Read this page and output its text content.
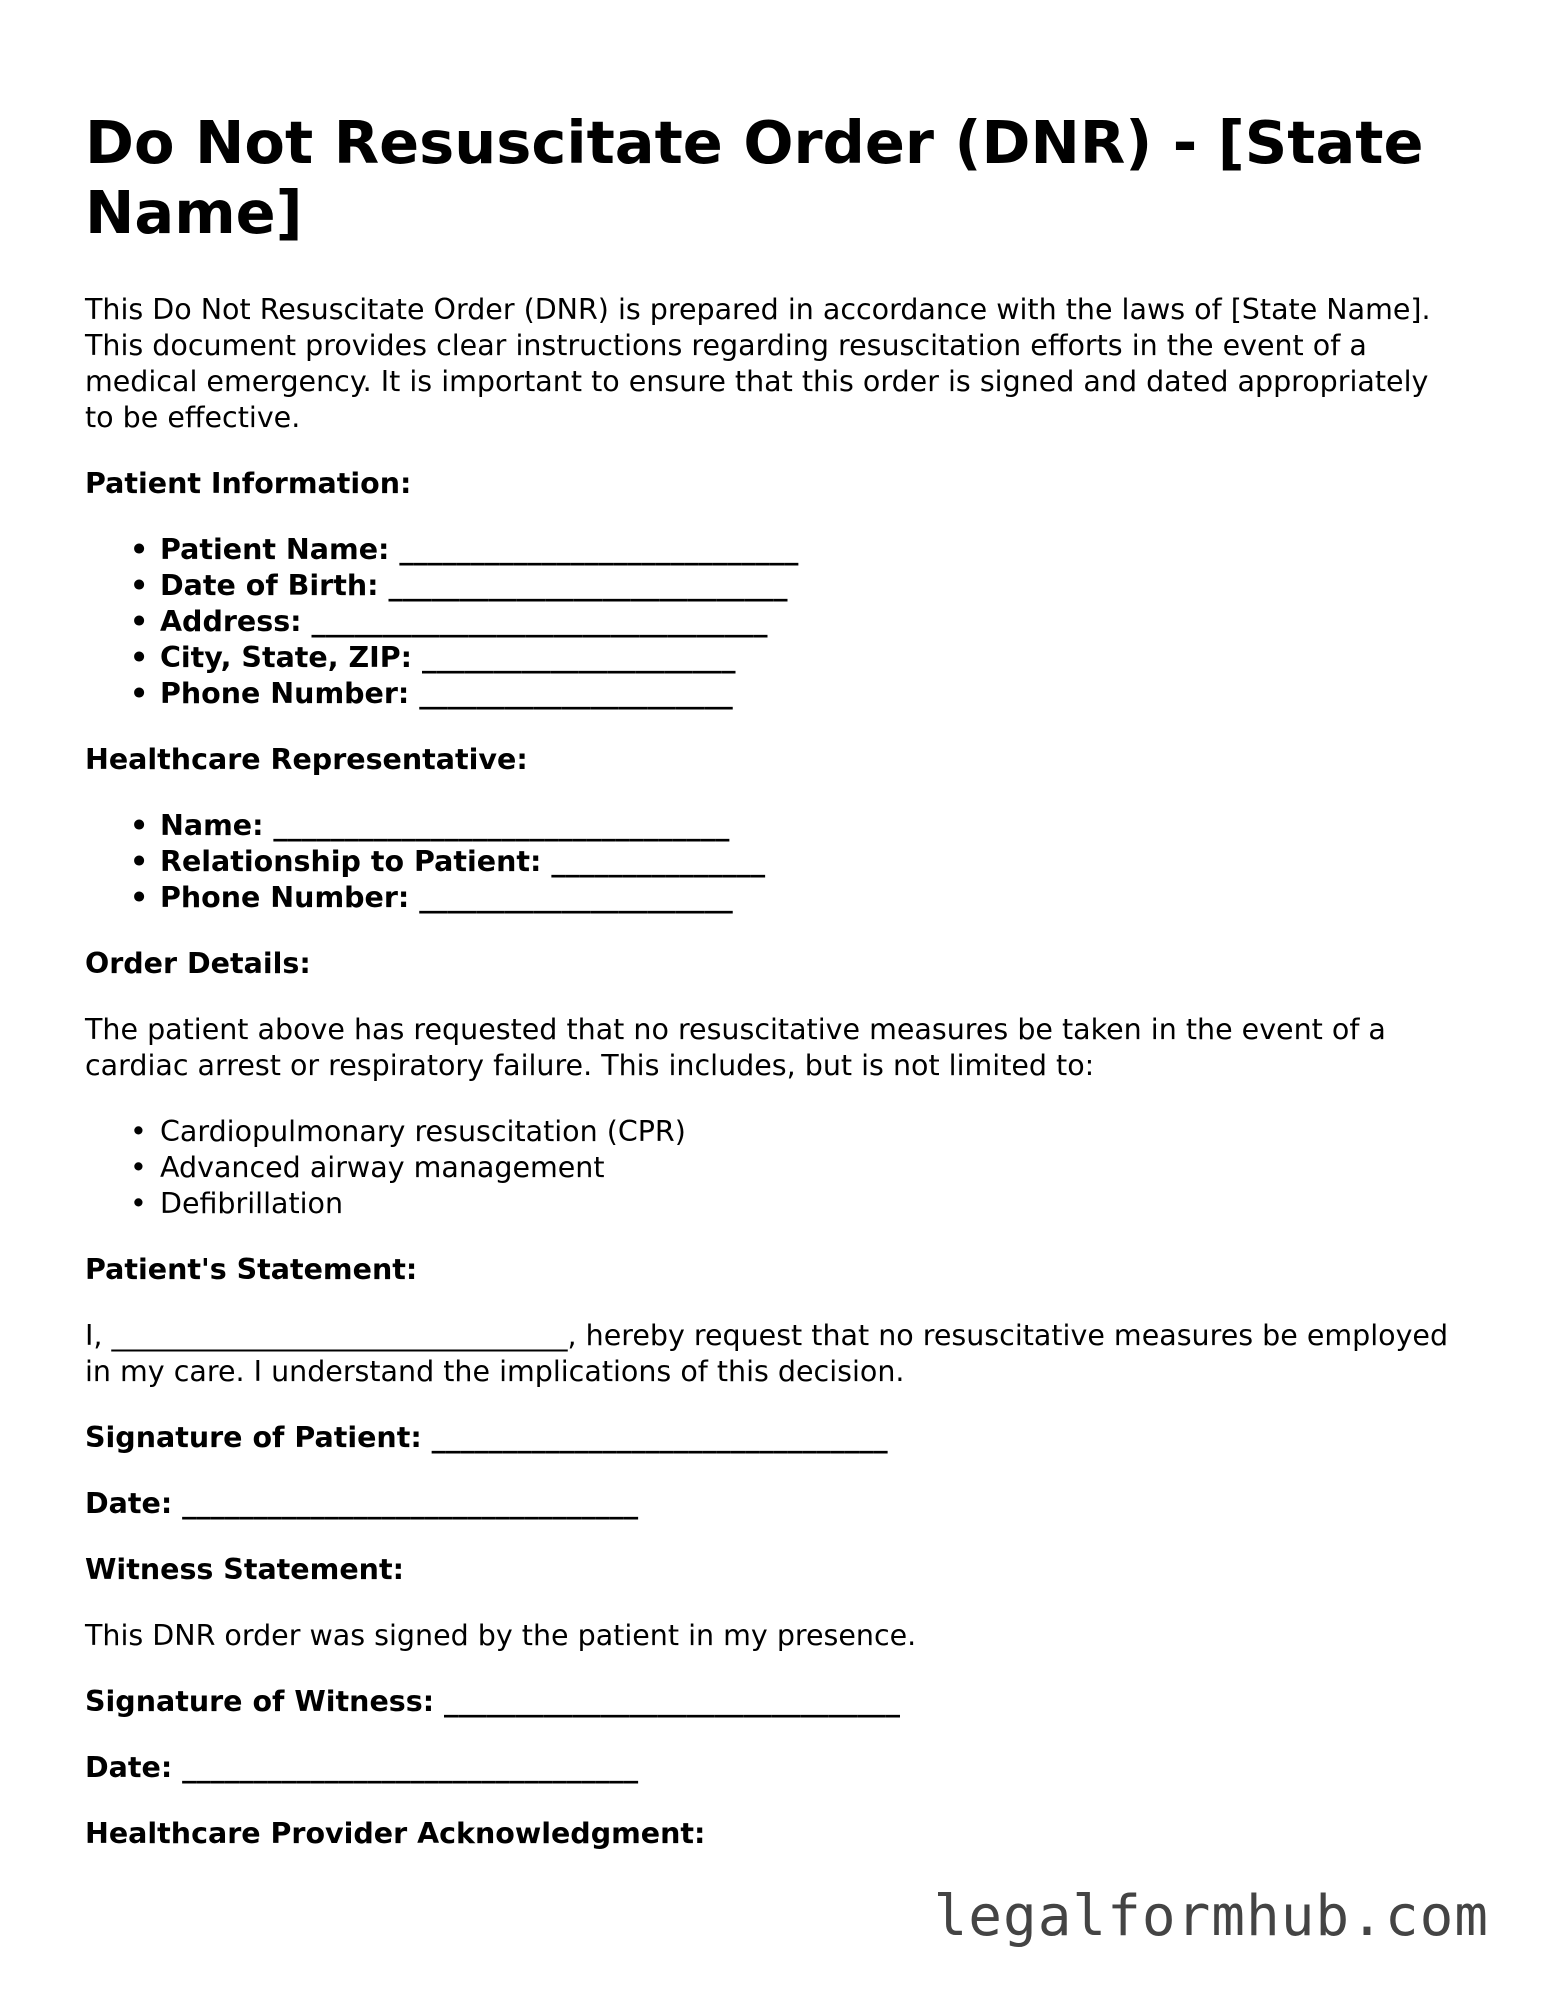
Do Not Resuscitate Order (DNR) - [State Name]

This Do Not Resuscitate Order (DNR) is prepared in accordance with the laws of [State Name]. This document provides clear instructions regarding resuscitation efforts in the event of a medical emergency. It is important to ensure that this order is signed and dated appropriately to be effective.

Patient Information:
• Patient Name: ____________________________
• Date of Birth: ____________________________
• Address: ________________________________
• City, State, ZIP: ______________________
• Phone Number: ______________________
Healthcare Representative:
• Name: ________________________________
• Relationship to Patient: _______________
• Phone Number: ______________________
Order Details:

The patient above has requested that no resuscitative measures be taken in the event of a cardiac arrest or respiratory failure. This includes, but is not limited to:

• Cardiopulmonary resuscitation (CPR)
• Advanced airway management
• Defibrillation
Patient's Statement:

I, ________________________________, hereby request that no resuscitative measures be employed in my care. I understand the implications of this decision.

Signature of Patient: ________________________________
Date: ________________________________
Witness Statement:

This DNR order was signed by the patient in my presence.

Signature of Witness: ________________________________
Date: ________________________________
Healthcare Provider Acknowledgment:
legalformhub.com
